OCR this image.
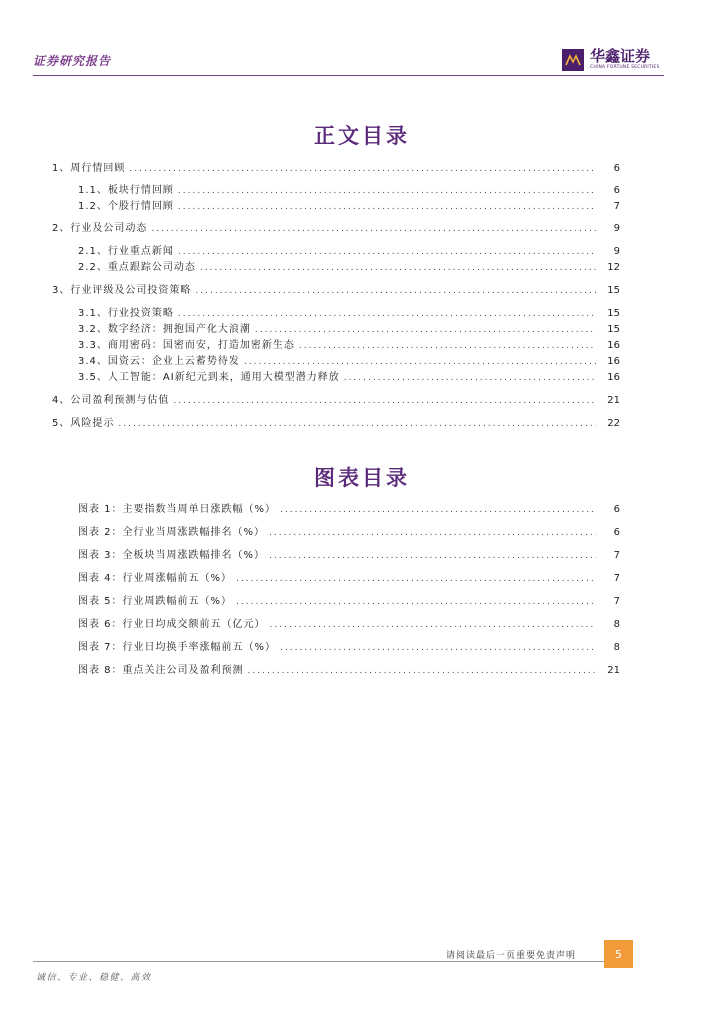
证券研究报告	华鑫证券
CHINA FORTUNE SECURITIES
正文目录
1、周行情回顾 .....	6
1.1、板块行情回顾 .....	6
1.2、个股行情回顾 .....	7
2、行业及公司动态 .....	9
2.1、行业重点新闻 .....	9
2.2、重点跟踪公司动态 .....	12
3、行业评级及公司投资策略 .....	15
3.1、行业投资策略 .....	15
3.2、数字经济：拥抱国产化大浪潮 .....	15
3.3、商用密码：国密而安，打造加密新生态 .....	16
3.4、国资云：企业上云蓄势待发 .....	16
3.5、人工智能：AI新纪元到来，通用大模型潜力释放 .....	16
4、公司盈利预测与估值 .....	21
5、风险提示 .....	22
图表目录
图表 1：主要指数当周单日涨跌幅（%） .....	6
图表 2：全行业当周涨跌幅排名（%） .....	6
图表 3：全板块当周涨跌幅排名（%） .....	7
图表 4：行业周涨幅前五（%） .....	7
图表 5：行业周跌幅前五（%） .....	7
图表 6：行业日均成交额前五（亿元） .....	8
图表 7：行业日均换手率涨幅前五（%） .....	8
图表 8：重点关注公司及盈利预测 .....	21
请阅读最后一页重要免责声明	5
诚信、专业、稳健、高效
